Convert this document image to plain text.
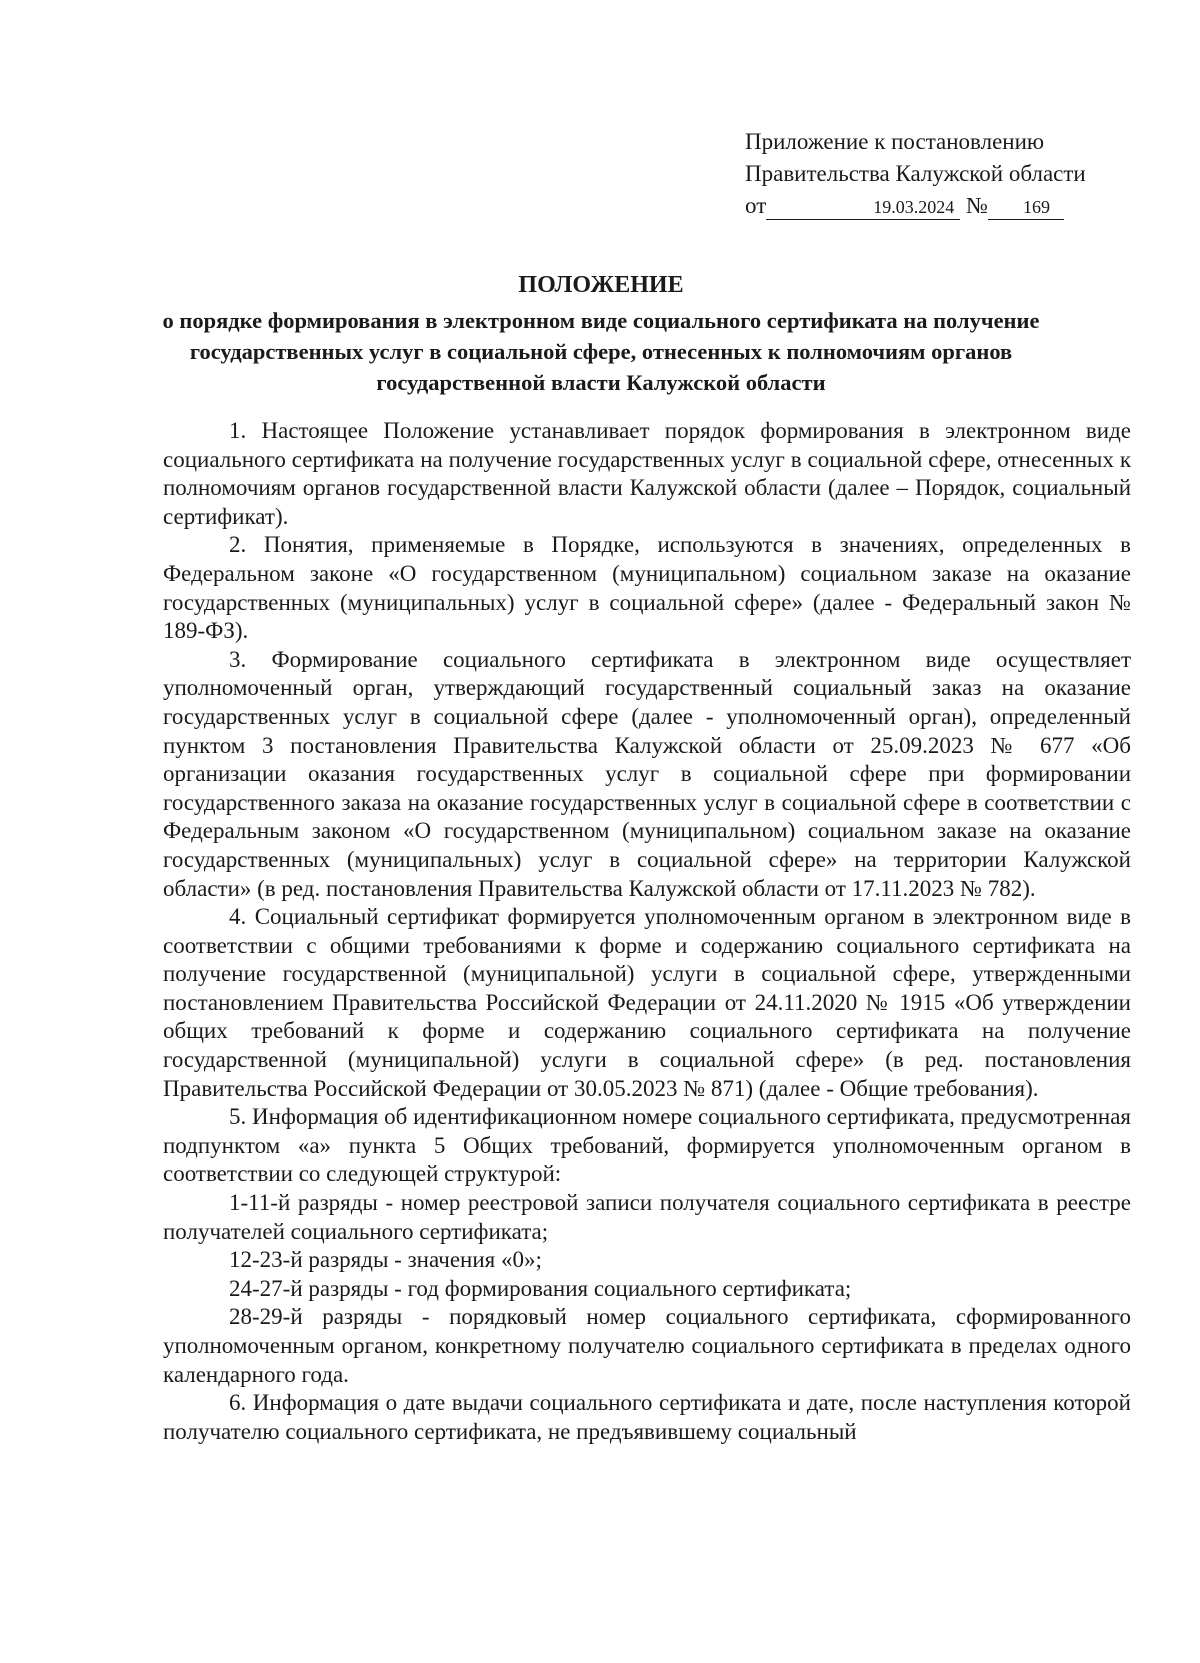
Приложение к постановлению
Правительства Калужской области
от	19.03.2024 № 169
ПОЛОЖЕНИЕ
о порядке формирования в электронном виде социального сертификата на получение государственных услуг в социальной сфере, отнесенных к полномочиям органов государственной власти Калужской области

1. Настоящее Положение устанавливает порядок формирования в электронном виде социального сертификата на получение государственных услуг в социальной сфере, отнесенных к полномочиям органов государственной власти Калужской области (далее – Порядок, социальный сертификат).

2. Понятия, применяемые в Порядке, используются в значениях, определенных в Федеральном законе «О государственном (муниципальном) социальном заказе на оказание государственных (муниципальных) услуг в социальной сфере» (далее - Федеральный закон № 189-ФЗ).

3. Формирование социального сертификата в электронном виде осуществляет уполномоченный орган, утверждающий государственный социальный заказ на оказание государственных услуг в социальной сфере (далее - уполномоченный орган), определенный пунктом 3 постановления Правительства Калужской области от 25.09.2023 № 677 «Об организации оказания государственных услуг в социальной сфере при формировании государственного заказа на оказание государственных услуг в социальной сфере в соответствии с Федеральным законом «О государственном (муниципальном) социальном заказе на оказание государственных (муниципальных) услуг в социальной сфере» на территории Калужской области» (в ред. постановления Правительства Калужской области от 17.11.2023 № 782).

4. Социальный сертификат формируется уполномоченным органом в электронном виде в соответствии с общими требованиями к форме и содержанию социального сертификата на получение государственной (муниципальной) услуги в социальной сфере, утвержденными постановлением Правительства Российской Федерации от 24.11.2020 № 1915 «Об утверждении общих требований к форме и содержанию социального сертификата на получение государственной (муниципальной) услуги в социальной сфере» (в ред. постановления Правительства Российской Федерации от 30.05.2023 № 871) (далее - Общие требования).

5. Информация об идентификационном номере социального сертификата, предусмотренная подпунктом «а» пункта 5 Общих требований, формируется уполномоченным органом в соответствии со следующей структурой:

1-11-й разряды - номер реестровой записи получателя социального сертификата в реестре получателей социального сертификата;

12-23-й разряды - значения «0»;

24-27-й разряды - год формирования социального сертификата;

28-29-й разряды - порядковый номер социального сертификата, сформированного уполномоченным органом, конкретному получателю социального сертификата в пределах одного календарного года.

6. Информация о дате выдачи социального сертификата и дате, после наступления которой получателю социального сертификата, не предъявившему социальный
